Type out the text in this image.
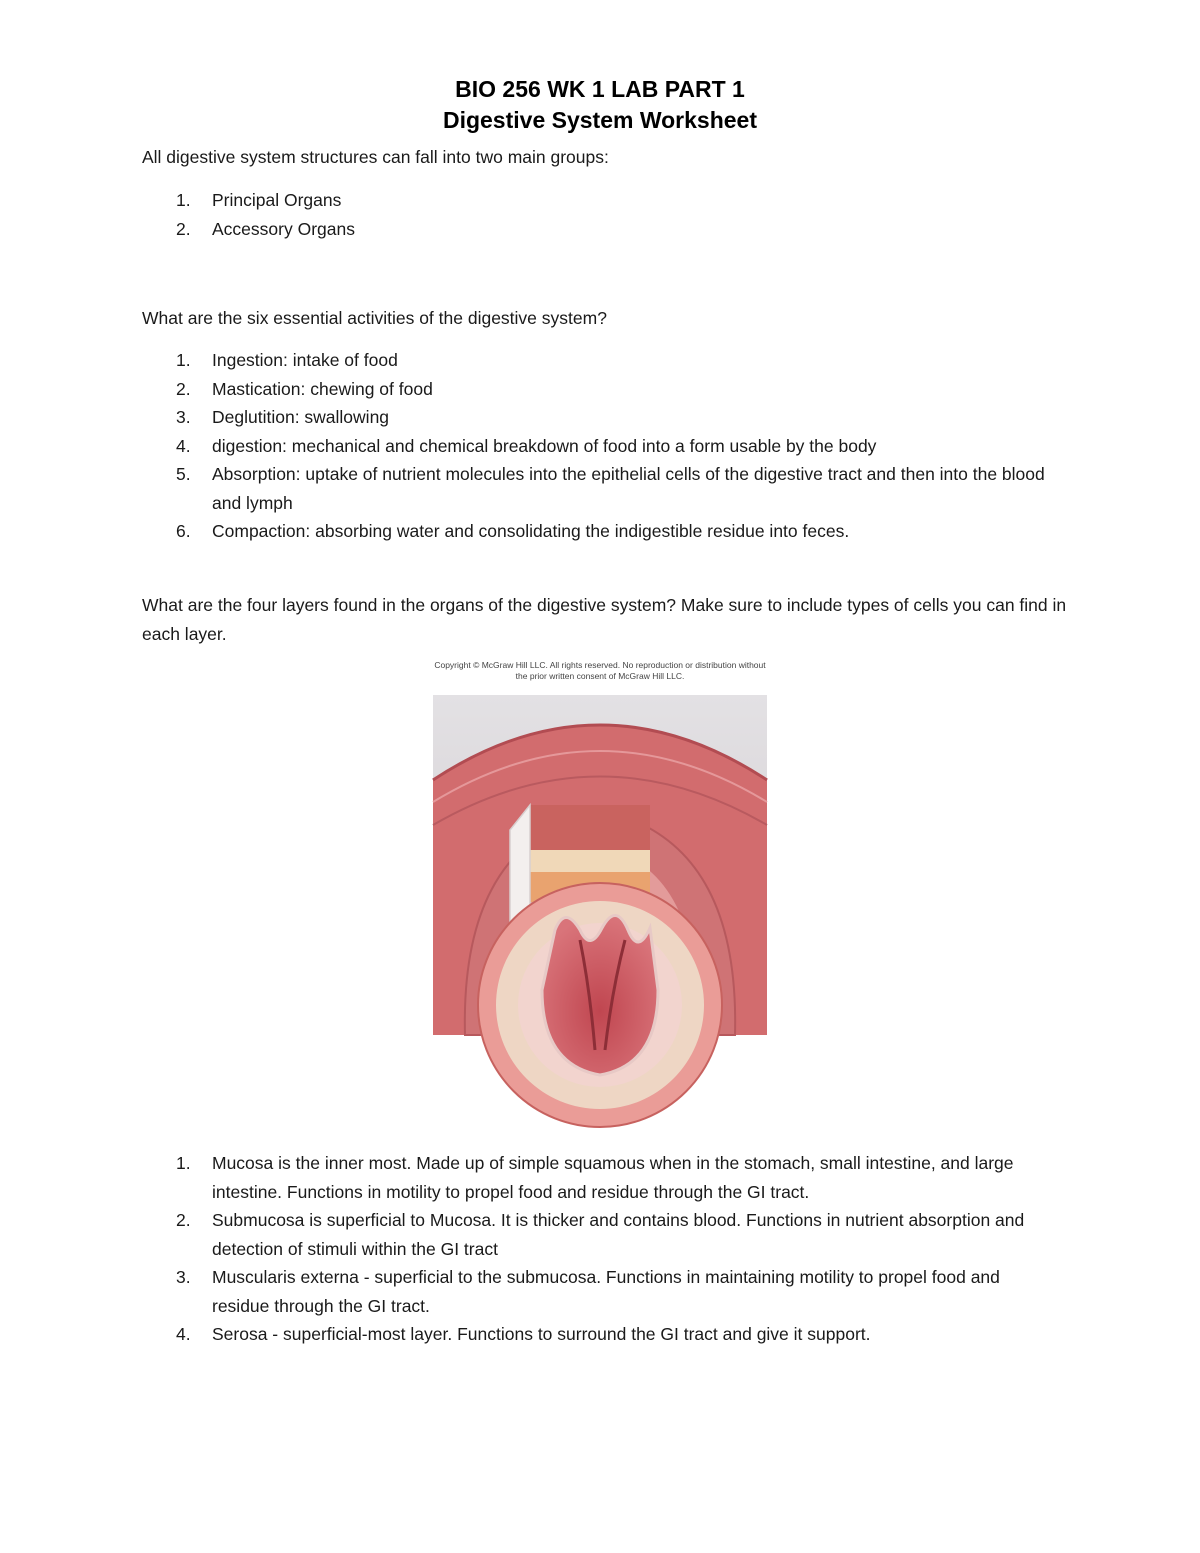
BIO 256 WK 1 LAB PART 1
Digestive System Worksheet
All digestive system structures can fall into two main groups:
1. Principal Organs
2. Accessory Organs
What are the six essential activities of the digestive system?
1. Ingestion: intake of food
2. Mastication: chewing of food
3. Deglutition: swallowing
4. digestion: mechanical and chemical breakdown of food into a form usable by the body
5. Absorption: uptake of nutrient molecules into the epithelial cells of the digestive tract and then into the blood and lymph
6. Compaction: absorbing water and consolidating the indigestible residue into feces.
What are the four layers found in the organs of the digestive system? Make sure to include types of cells you can find in each layer.
Copyright © McGraw Hill LLC. All rights reserved. No reproduction or distribution without the prior written consent of McGraw Hill LLC.
1. Mucosa is the inner most. Made up of simple squamous when in the stomach, small intestine, and large intestine. Functions in motility to propel food and residue through the GI tract.
2. Submucosa is superficial to Mucosa. It is thicker and contains blood. Functions in nutrient absorption and detection of stimuli within the GI tract
3. Muscularis externa - superficial to the submucosa. Functions in maintaining motility to propel food and residue through the GI tract.
4. Serosa - superficial-most layer. Functions to surround the GI tract and give it support.
